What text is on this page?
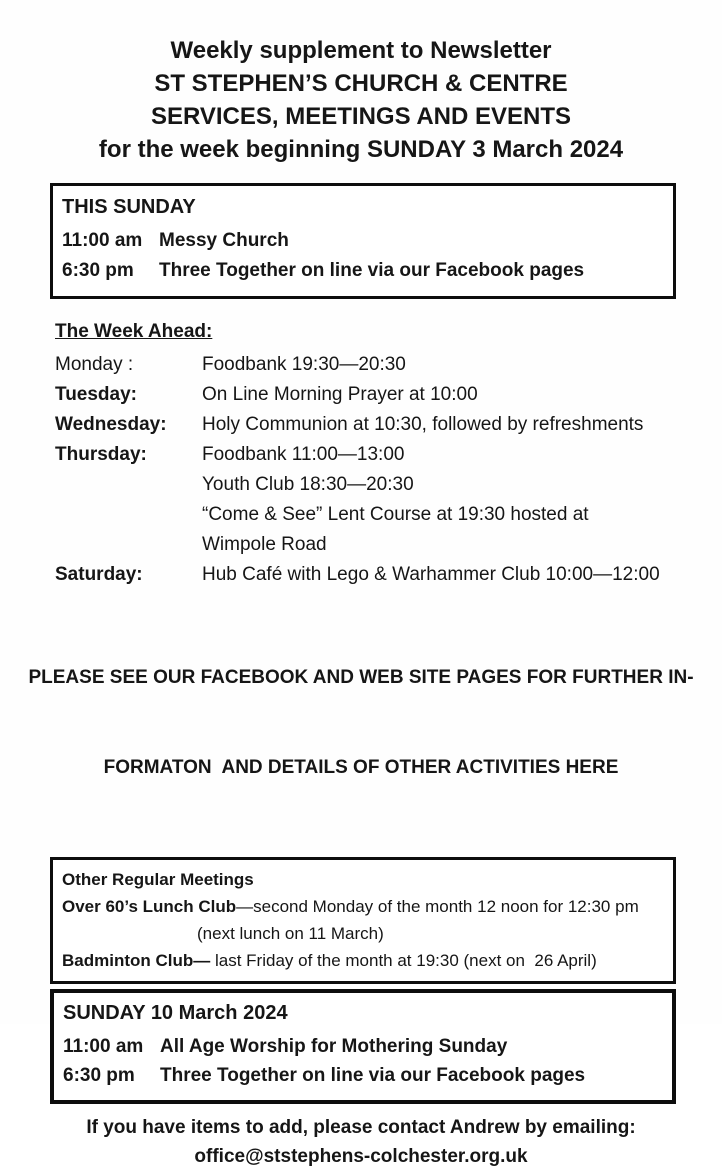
Weekly supplement to Newsletter
ST STEPHEN’S CHURCH & CENTRE
SERVICES, MEETINGS AND EVENTS
for the week beginning SUNDAY 3 March 2024
THIS SUNDAY
11:00 am Messy Church
6:30 pm	Three Together on line via our Facebook pages
The Week Ahead:
Monday :	Foodbank 19:30—20:30
Tuesday:	On Line Morning Prayer at 10:00
Wednesday:	Holy Communion at 10:30, followed by refreshments
Thursday:	Foodbank 11:00—13:00
Youth Club 18:30—20:30
“Come & See” Lent Course at 19:30 hosted at
Wimpole Road
Saturday:	Hub Café with Lego & Warhammer Club 10:00—12:00

PLEASE SEE OUR FACEBOOK AND WEB SITE PAGES FOR FURTHER IN-

FORMATON  AND DETAILS OF OTHER ACTIVITIES HERE

Other Regular Meetings
Over 60’s Lunch Club—second Monday of the month 12 noon for 12:30 pm
(next lunch on 11 March)
Badminton Club— last Friday of the month at 19:30 (next on  26 April)
SUNDAY 10 March 2024
11:00 am All Age Worship for Mothering Sunday
6:30 pm	Three Together on line via our Facebook pages
If you have items to add, please contact Andrew by emailing:
office@ststephens-colchester.org.uk
